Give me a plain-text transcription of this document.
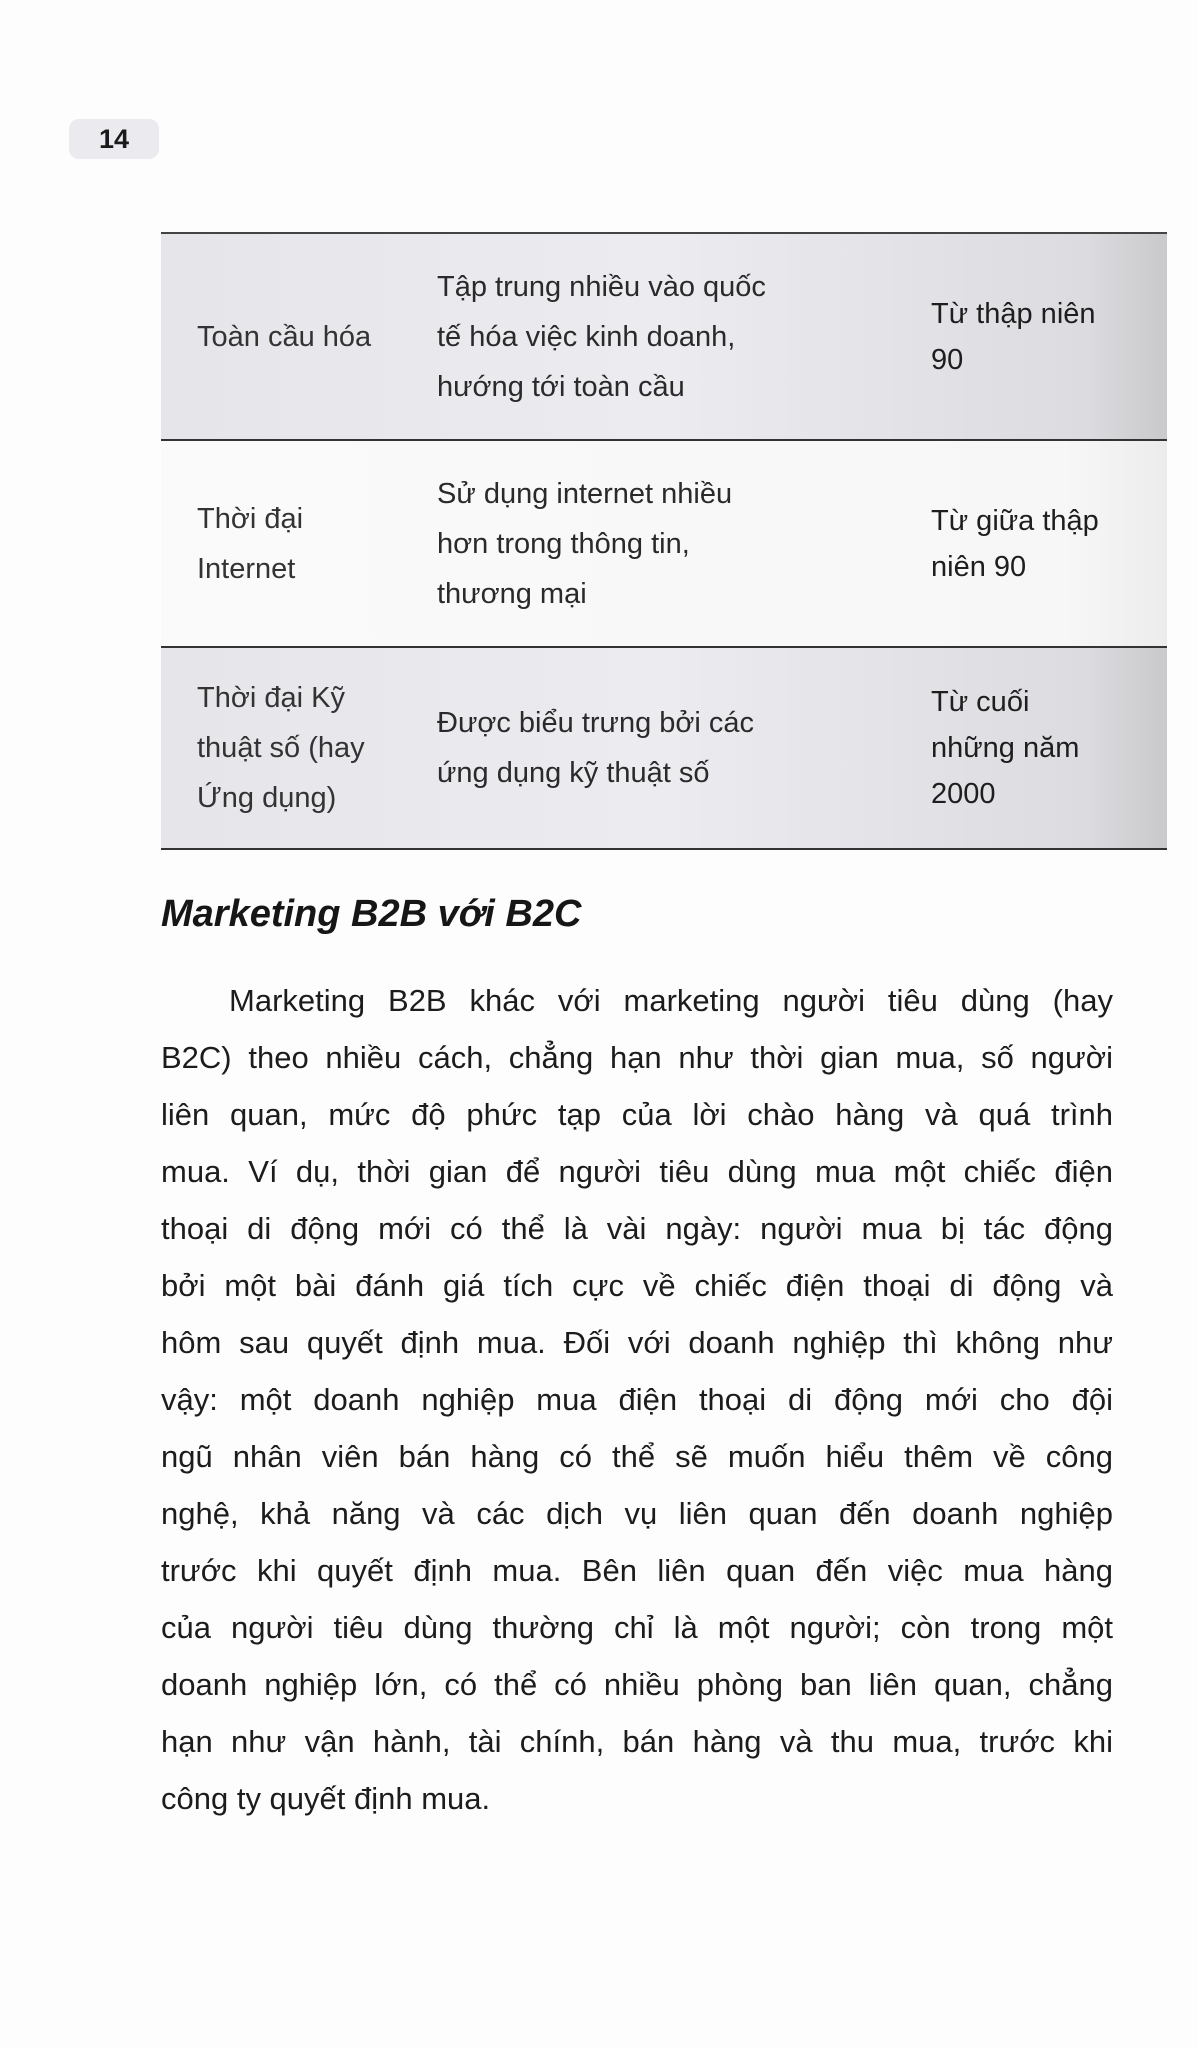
14
Toàn cầu hóa
Tập trung nhiều vào quốc
tế hóa việc kinh doanh,
hướng tới toàn cầu
Từ thập niên
90
Thời đại
Internet
Sử dụng internet nhiều
hơn trong thông tin,
thương mại
Từ giữa thập
niên 90
Thời đại Kỹ
thuật số (hay
Ứng dụng)
Được biểu trưng bởi các
ứng dụng kỹ thuật số
Từ cuối
những năm
2000
Marketing B2B với B2C
Marketing B2B khác với marketing người tiêu dùng (hay
B2C) theo nhiều cách, chẳng hạn như thời gian mua, số người
liên quan, mức độ phức tạp của lời chào hàng và quá trình
mua. Ví dụ, thời gian để người tiêu dùng mua một chiếc điện
thoại di động mới có thể là vài ngày: người mua bị tác động
bởi một bài đánh giá tích cực về chiếc điện thoại di động và
hôm sau quyết định mua. Đối với doanh nghiệp thì không như
vậy: một doanh nghiệp mua điện thoại di động mới cho đội
ngũ nhân viên bán hàng có thể sẽ muốn hiểu thêm về công
nghệ, khả năng và các dịch vụ liên quan đến doanh nghiệp
trước khi quyết định mua. Bên liên quan đến việc mua hàng
của người tiêu dùng thường chỉ là một người; còn trong một
doanh nghiệp lớn, có thể có nhiều phòng ban liên quan, chẳng
hạn như vận hành, tài chính, bán hàng và thu mua, trước khi
công ty quyết định mua.
